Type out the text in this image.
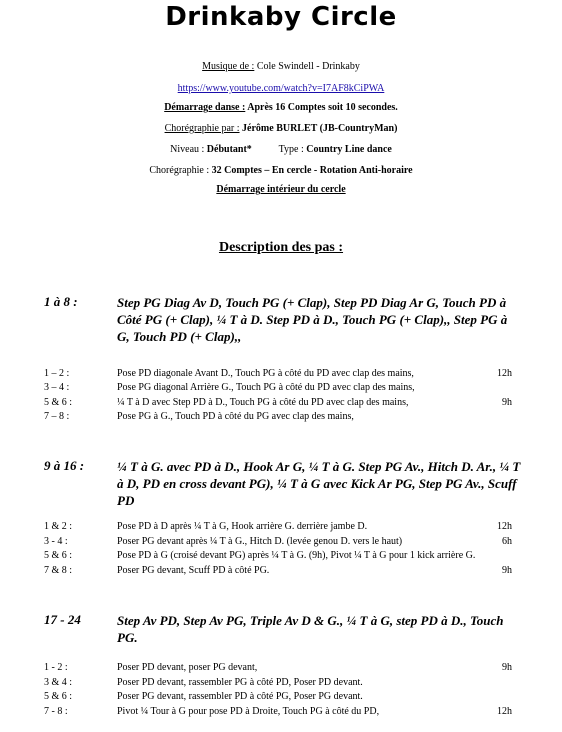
Drinkaby Circle
Musique de : Cole Swindell - Drinkaby
https://www.youtube.com/watch?v=I7AF8kCiPWA
Démarrage danse : Après 16 Comptes soit 10 secondes.
Chorégraphie par : Jérôme BURLET (JB-CountryMan)
Niveau : Débutant*	Type : Country Line dance
Chorégraphie : 32 Comptes – En cercle - Rotation Anti-horaire
Démarrage intérieur du cercle
Description des pas :
1 à 8 :	Step PG Diag Av D, Touch PG (+ Clap), Step PD Diag Ar G, Touch PD à Côté PG (+ Clap), ¼ T à D. Step PD à D., Touch PG (+ Clap),, Step PG à G, Touch PD (+ Clap),,
1 – 2 :	Pose PD diagonale Avant D., Touch PG à côté du PD avec clap des mains,	12h
3 – 4 :	Pose PG diagonal Arrière G., Touch PG à côté du PD avec clap des mains,
5 & 6 :	¼ T à D avec Step PD à D., Touch PG à côté du PD avec clap des mains,	9h
7 – 8 :	Pose PG à G., Touch PD à côté du PG avec clap des mains,
9 à 16 :	¼ T à G. avec PD à D., Hook Ar G, ¼ T à G. Step PG Av., Hitch D. Ar., ¼ T à D, PD en cross devant PG), ¼ T à G avec Kick Ar PG, Step PG Av., Scuff PD
1 & 2 :	Pose PD à D après ¼ T à G, Hook arrière G. derrière jambe D.	12h
3 - 4 :	Poser PG devant après ¼ T à G., Hitch D. (levée genou D. vers le haut)	6h
5 & 6 :	Pose PD à G (croisé devant PG) après ¼ T à G. (9h), Pivot ¼ T à G pour 1 kick arrière G.
7 & 8 :	Poser PG devant, Scuff PD à côté PG.	9h
17 - 24	Step Av PD, Step Av PG, Triple Av D & G., ¼ T à G, step PD à D., Touch PG.
1 - 2 :	Poser PD devant, poser PG devant,	9h
3 & 4 :	Poser PD devant, rassembler PG à côté PD, Poser PD devant.
5 & 6 :	Poser PG devant, rassembler PD à côté PG, Poser PG devant.
7 - 8 :	Pivot ¼ Tour à G pour pose PD à Droite, Touch PG à côté du PD,	12h
